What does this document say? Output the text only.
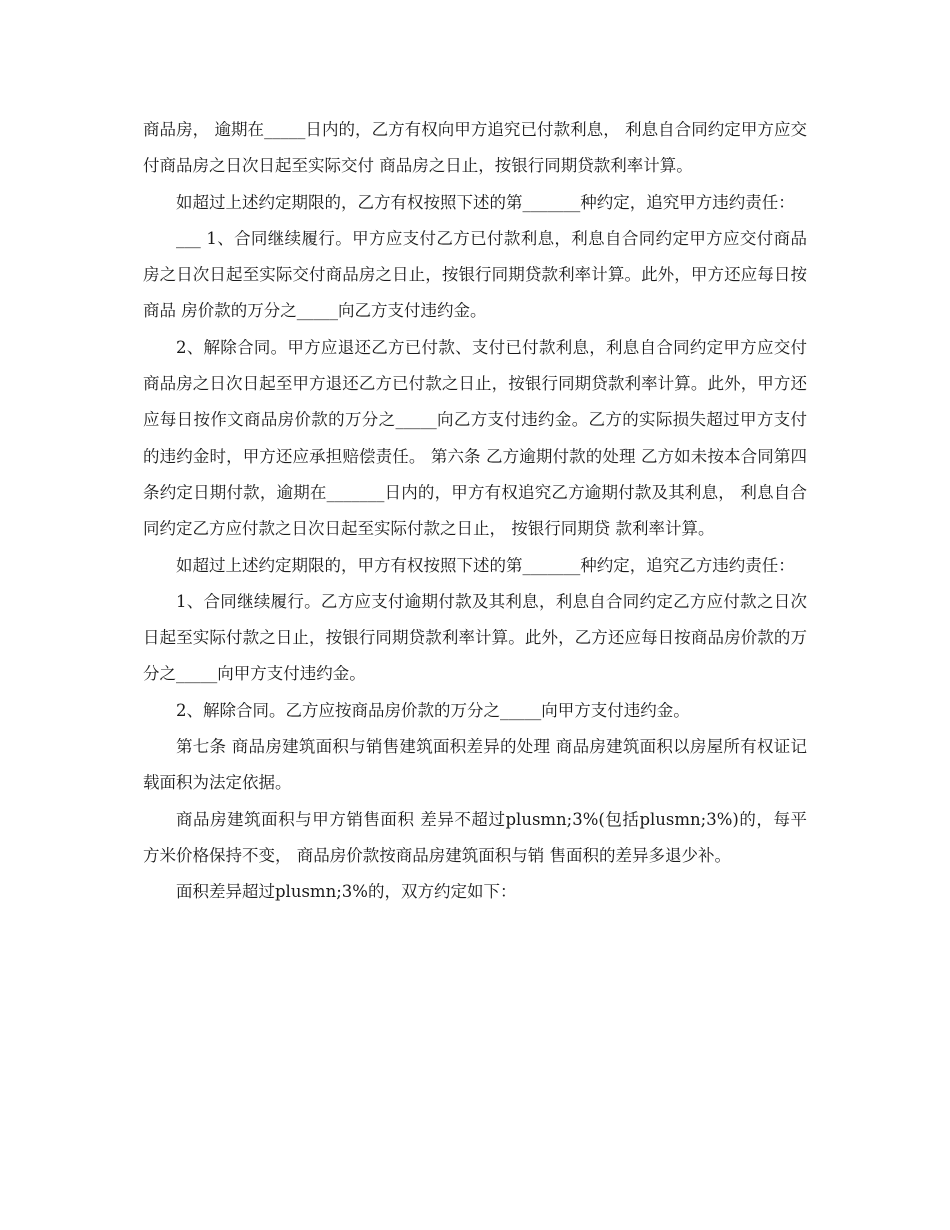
商品房， 逾期在_____日内的，乙方有权向甲方追究已付款利息， 利息自合同约定甲方应交付商品房之日次日起至实际交付 商品房之日止，按银行同期贷款利率计算。

如超过上述约定期限的，乙方有权按照下述的第_______种约定，追究甲方违约责任：

___ 1、合同继续履行。甲方应支付乙方已付款利息，利息自合同约定甲方应交付商品房之日次日起至实际交付商品房之日止，按银行同期贷款利率计算。此外，甲方还应每日按商品 房价款的万分之_____向乙方支付违约金。

2、解除合同。甲方应退还乙方已付款、支付已付款利息，利息自合同约定甲方应交付商品房之日次日起至甲方退还乙方已付款之日止，按银行同期贷款利率计算。此外，甲方还 应每日按作文商品房价款的万分之_____向乙方支付违约金。乙方的实际损失超过甲方支付的违约金时，甲方还应承担赔偿责任。 第六条 乙方逾期付款的处理 乙方如未按本合同第四条约定日期付款，逾期在_______日内的，甲方有权追究乙方逾期付款及其利息， 利息自合同约定乙方应付款之日次日起至实际付款之日止， 按银行同期贷 款利率计算。

如超过上述约定期限的，甲方有权按照下述的第_______种约定，追究乙方违约责任：

1、合同继续履行。乙方应支付逾期付款及其利息，利息自合同约定乙方应付款之日次日起至实际付款之日止，按银行同期贷款利率计算。此外，乙方还应每日按商品房价款的万 分之_____向甲方支付违约金。

2、解除合同。乙方应按商品房价款的万分之_____向甲方支付违约金。

第七条 商品房建筑面积与销售建筑面积差异的处理 商品房建筑面积以房屋所有权证记载面积为法定依据。

商品房建筑面积与甲方销售面积 差异不超过plusmn;3%(包括plusmn;3%)的，每平方米价格保持不变， 商品房价款按商品房建筑面积与销 售面积的差异多退少补。

面积差异超过plusmn;3%的，双方约定如下：
